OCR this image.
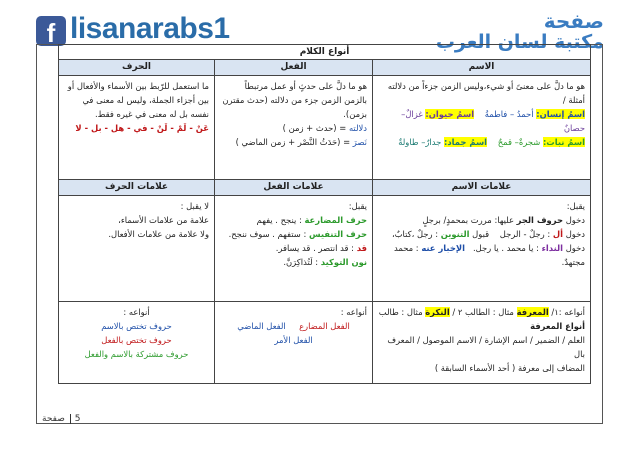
f lisanarabs1	صفحة
مكتبة لسان العرب
أنواع الكلام		
الاسم	الفعل	الحرف

هو ما دلَّ على معنىً أو شيء،وليس الزمن جزءاً من دلالته أمثلة /
اسمُ إنسان: أحمدُ – فاطمةُ    اسمُ حيوان: غزالٌ– حصانٌ
اسمُ نبات: شجرةٌ– قمحٌ    اسمُ جماد: جدارٌ– طاولةٌ	هو ما دلَّ على حدثٍ أو عمل مرتبطاً بالزمن الزمن جزء من دلالته (حدث مقترن بزمن).
دلالته = (حدث + زمن )
نَصرَ = (حَدَثُ النَّصْر + زمن الماضي )	ما استعمل للرّبط بين الأسماء والأفعال أو بين أجزاء الجملة، وليس له معنى في نفسه بل له معنى في غيره فقط.
عَنْ - لَمْ - لَنْ - في - هل - بل - لا

علامات الاسم	علامات الفعل	علامات الحرف

يقبل:
دخول حروف الجر عليها: مررت بمحمدٍ/ برجلٍ
دخول أل : رجلٌ - الرجل    قبول التنوين : رجلٌ ،كتابٌ،
دخول النداء : يا محمد . يا رجل.   الإخبار عنه : محمد مجتهدٌ.	يقبل:
حرف المضارعة : ينجح . يفهم
حرف التنفيس : ستفهم . سوف ننجح.
قد : قد انتصر . قد يسافر.
نون التوكيد : لَتُذاكِرَنَّ.	لا يقبل :
علامة من علامات الأسماء،
ولا علامة من علامات الأفعال.

أنواعه :١/ المعرفة مثال : الطالب ٢ / النكرة مثال : طالب
أنواع المعرفة
العلم / الضمير / اسم الإشارة / الاسم الموصول / المعرف بال
المضاف إلى معرفة ( أحد الأسماء السابقة )	أنواعه :
الفعل المضارع     الفعل الماضي
الفعل الأمر	أنواعه :
حروف تختص بالاسم
حروف تختص بالفعل
حروف مشتركة بالاسم والفعل
5 صفحة
